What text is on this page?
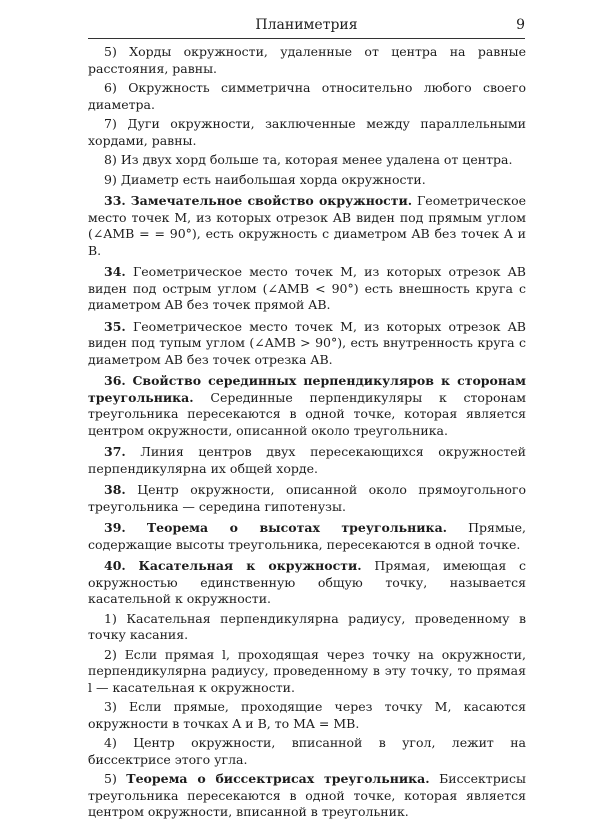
Планиметрия	9

5) Хорды окружности, удаленные от центра на равные расстояния, равны.

6) Окружность симметрична относительно любого своего диаметра.

7) Дуги окружности, заключенные между параллельными хордами, равны.

8) Из двух хорд больше та, которая менее удалена от центра.

9) Диаметр есть наибольшая хорда окружности.

33. Замечательное свойство окружности. Геометрическое место точек M, из которых отрезок AB виден под прямым углом (∠AMB = = 90°), есть окружность с диаметром AB без точек A и B.

34. Геометрическое место точек M, из которых отрезок AB виден под острым углом (∠AMB < 90°) есть внешность круга с диаметром AB без точек прямой AB.

35. Геометрическое место точек M, из которых отрезок AB виден под тупым углом (∠AMB > 90°), есть внутренность круга с диаметром AB без точек отрезка AB.

36. Свойство серединных перпендикуляров к сторонам треугольника. Серединные перпендикуляры к сторонам треугольника пересекаются в одной точке, которая является центром окружности, описанной около треугольника.

37. Линия центров двух пересекающихся окружностей перпендикулярна их общей хорде.

38. Центр окружности, описанной около прямоугольного треугольника — середина гипотенузы.

39. Теорема о высотах треугольника. Прямые, содержащие высоты треугольника, пересекаются в одной точке.

40. Касательная к окружности. Прямая, имеющая с окружностью единственную общую точку, называется касательной к окружности.

1) Касательная перпендикулярна радиусу, проведенному в точку касания.

2) Если прямая l, проходящая через точку на окружности, перпендикулярна радиусу, проведенному в эту точку, то прямая l — касательная к окружности.

3) Если прямые, проходящие через точку M, касаются окружности в точках A и B, то MA = MB.

4) Центр окружности, вписанной в угол, лежит на биссектрисе этого угла.

5) Теорема о биссектрисах треугольника. Биссектрисы треугольника пересекаются в одной точке, которая является центром окружности, вписанной в треугольник.
